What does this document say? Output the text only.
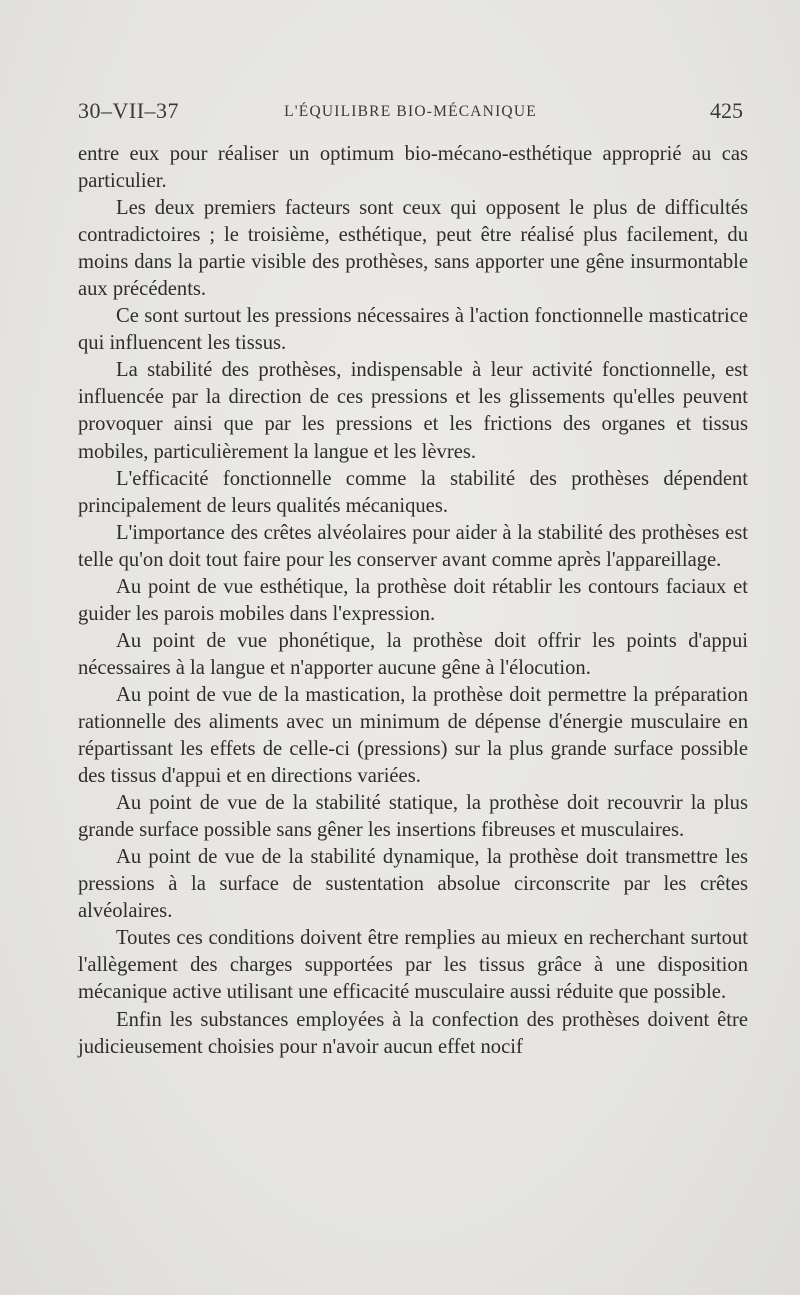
30–VII–37	L'ÉQUILIBRE BIO-MÉCANIQUE	425

entre eux pour réaliser un optimum bio-mécano-esthétique approprié au cas particulier.

Les deux premiers facteurs sont ceux qui opposent le plus de difficultés contradictoires ; le troisième, esthétique, peut être réalisé plus facilement, du moins dans la partie visible des prothèses, sans apporter une gêne insurmontable aux précédents.

Ce sont surtout les pressions nécessaires à l'action fonctionnelle masticatrice qui influencent les tissus.

La stabilité des prothèses, indispensable à leur activité fonctionnelle, est influencée par la direction de ces pressions et les glissements qu'elles peuvent provoquer ainsi que par les pressions et les frictions des organes et tissus mobiles, particulièrement la langue et les lèvres.

L'efficacité fonctionnelle comme la stabilité des prothèses dépendent principalement de leurs qualités mécaniques.

L'importance des crêtes alvéolaires pour aider à la stabilité des prothèses est telle qu'on doit tout faire pour les conserver avant comme après l'appareillage.

Au point de vue esthétique, la prothèse doit rétablir les contours faciaux et guider les parois mobiles dans l'expression.

Au point de vue phonétique, la prothèse doit offrir les points d'appui nécessaires à la langue et n'apporter aucune gêne à l'élocution.

Au point de vue de la mastication, la prothèse doit permettre la préparation rationnelle des aliments avec un minimum de dépense d'énergie musculaire en répartissant les effets de celle-ci (pressions) sur la plus grande surface possible des tissus d'appui et en directions variées.

Au point de vue de la stabilité statique, la prothèse doit recouvrir la plus grande surface possible sans gêner les insertions fibreuses et musculaires.

Au point de vue de la stabilité dynamique, la prothèse doit transmettre les pressions à la surface de sustentation absolue circonscrite par les crêtes alvéolaires.

Toutes ces conditions doivent être remplies au mieux en recherchant surtout l'allègement des charges supportées par les tissus grâce à une disposition mécanique active utilisant une efficacité musculaire aussi réduite que possible.

Enfin les substances employées à la confection des prothèses doivent être judicieusement choisies pour n'avoir aucun effet nocif
